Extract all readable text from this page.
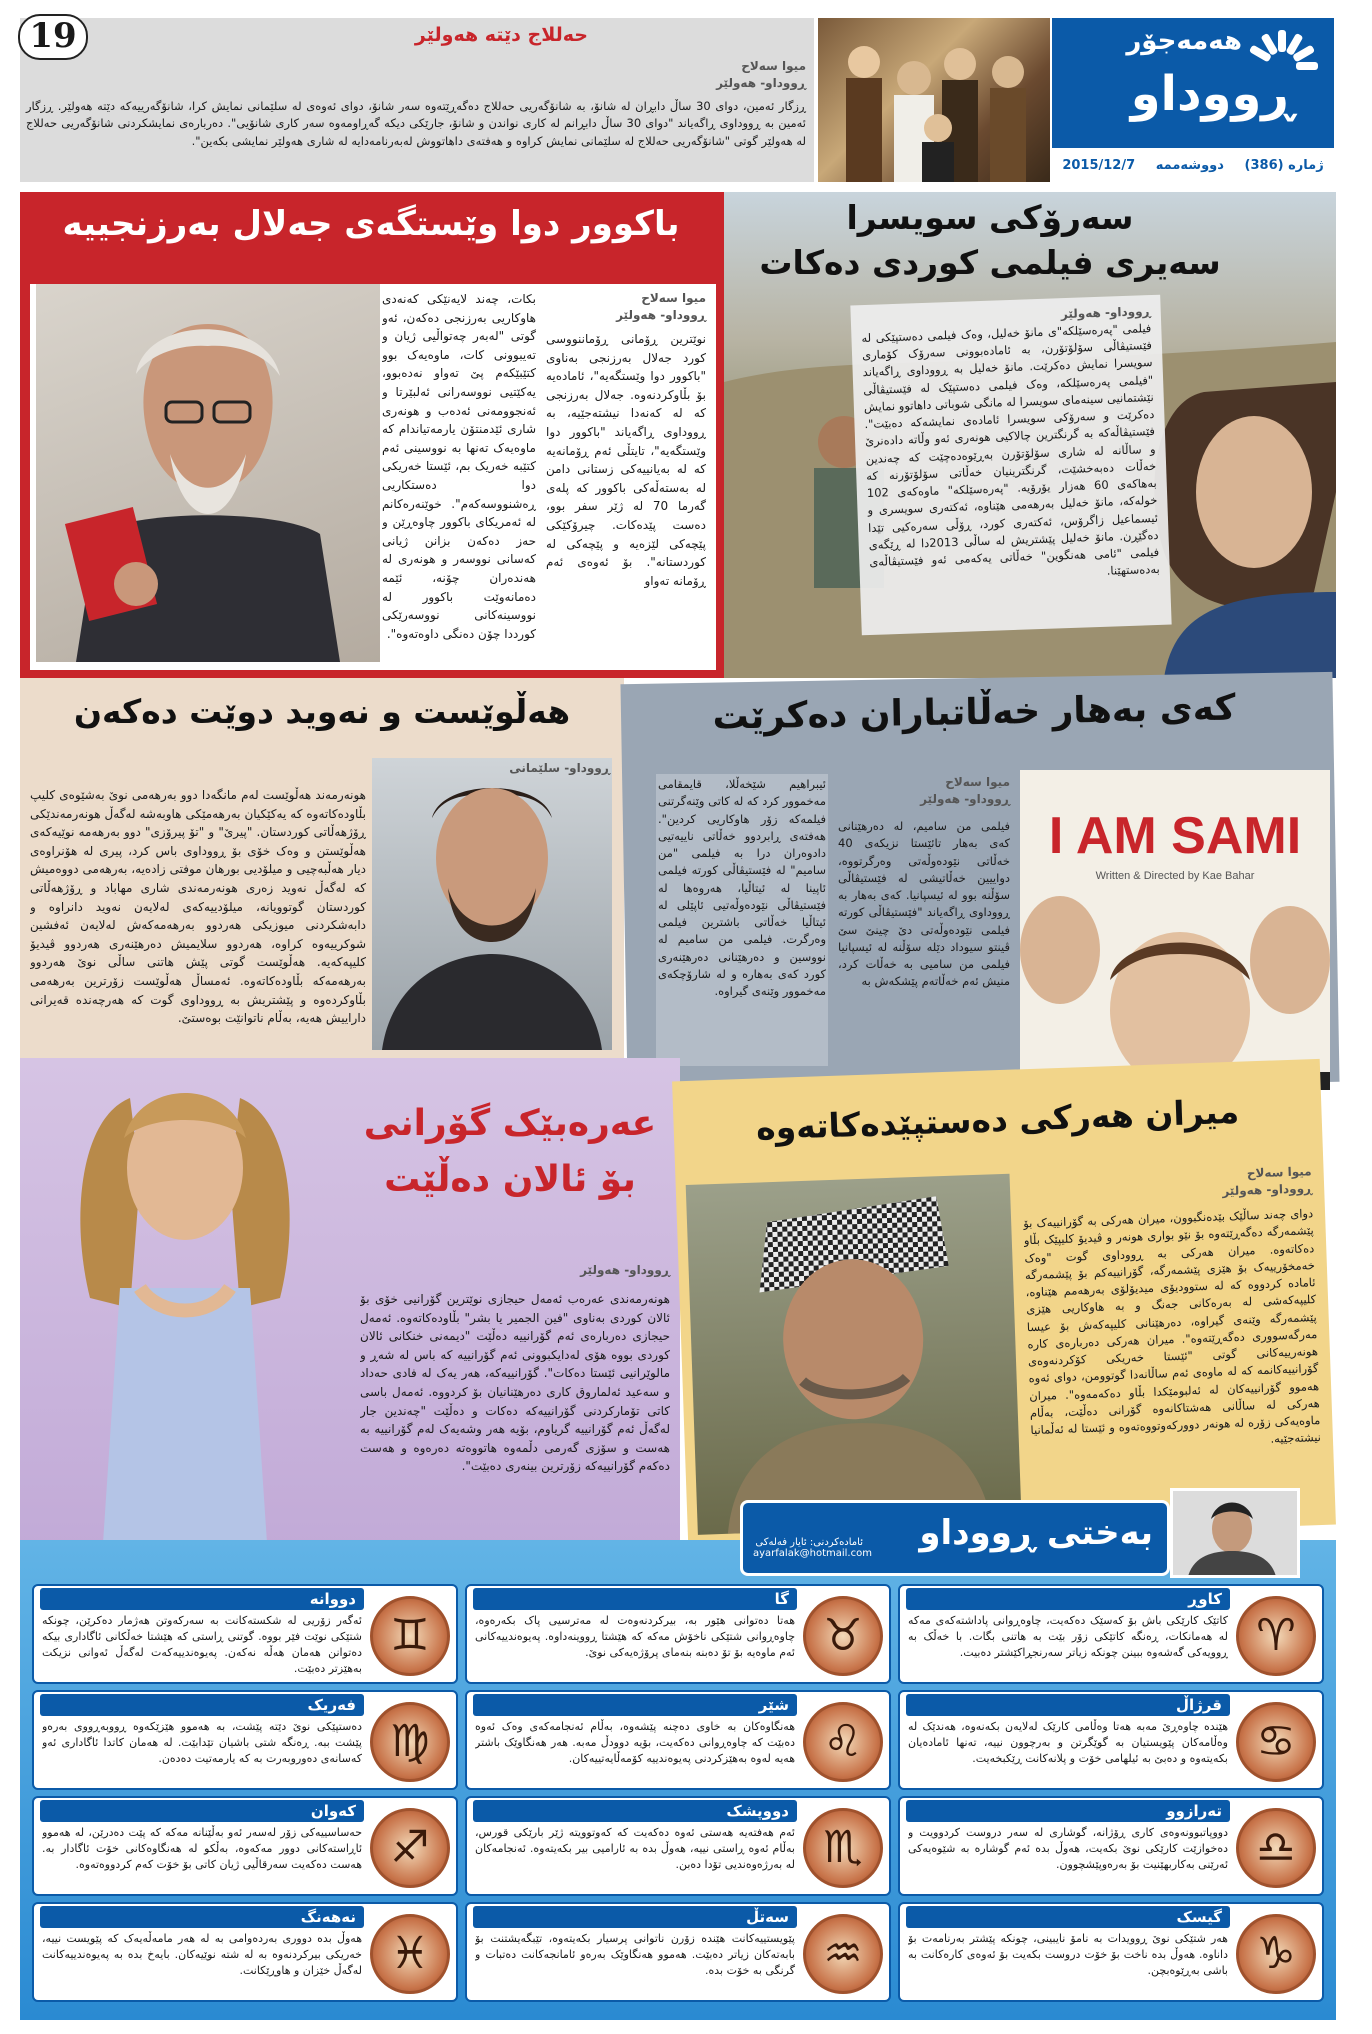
حەللاج دێتە هەولێر
میوا سەلاح
ڕووداو- هەولێر
ڕزگار ئەمین، دوای 30 ساڵ دابڕان لە شانۆ، بە شانۆگەریی حەللاج دەگەڕێتەوە سەر شانۆ، دوای ئەوەی لە سلێمانی نمایش کرا، شانۆگەرییەکە دێتە هەولێر. ڕزگار ئەمین بە ڕووداوی ڕاگەیاند "دوای 30 ساڵ دابڕانم لە کاری نواندن و شانۆ، جارێکی دیکە گەڕاومەوە سەر کاری شانۆیی". دەربارەی نمایشکردنی شانۆگەریی حەللاج لە هەولێر گوتی "شانۆگەریی حەللاج لە سلێمانی نمایش کراوە و هەفتەی داهاتووش لەبەرنامەدایە لە شاری هەولێر نمایشی بکەین".
هەمەجۆر
ڕووداو
ژمارە (386)
دووشەممە
2015/12/7
19
باکوور دوا وێستگەی جەلال بەرزنجییە
میوا سەلاح
ڕووداو- هەولێر
نوێترین ڕۆمانی ڕۆماننووسی کورد جەلال بەرزنجی بەناوی "باکوور دوا وێستگەیە"، ئامادەیە بۆ بڵاوکردنەوە. جەلال بەرزنجی کە لە کەنەدا نیشتەجێیە، بە ڕووداوی ڕاگەیاند "باکوور دوا وێستگەیە"، تایتڵی ئەم ڕۆمانەیە کە لە بەیانییەکی زستانی دامن لە بەستەڵەکی باکوور کە پلەی گەرما 70 لە ژێر سفر بوو، دەست پێدەکات. چیرۆکێکی پێچەکی لێزەیە و پێچەکی لە کوردستانە". بۆ ئەوەی ئەم ڕۆمانە تەواو
بکات، چەند لایەنێکی کەنەدی هاوکاریی بەرزنجی دەکەن، ئەو گوتی "لەبەر چەتواڵیی ژیان و تەیبوونی کات، ماوەیەک بوو کتێبێکەم پێ تەواو نەدەبوو، یەکێتیی نووسەرانی ئەلبێرتا و ئەنجوومەنی ئەدەب و هونەری شاری ئێدمنتۆن یارمەتیاندام کە ماوەیەک تەنها بە نووسینی ئەم کتێبە خەریک بم، ئێستا خەریکی دوا دەستکاریی ڕەشنووسەکەم". خوێنەرەکانم لە ئەمریکای باکوور چاوەڕێن و حەز دەکەن بزانن ژیانی کەسانی نووسەر و هونەری لە هەندەران چۆنە، ئێمە دەمانەوێت باکوور لە نووسینەکانی نووسەرێکی کورددا چۆن دەنگی داوەتەوە".
سەرۆکی سویسرا
سەیری فیلمی کوردی دەکات
ڕووداو- هەولێر
فیلمی "پەرەسێلکە"ی مانۆ خەلیل، وەک فیلمی دەستپێکی لە فێستیڤاڵی سۆلۆتۆرن، بە ئامادەبوونی سەرۆک کۆماری سویسرا نمایش دەکرێت. مانۆ خەلیل بە ڕووداوی ڕاگەیاند "فیلمی پەرەسێلکە، وەک فیلمی دەستپێک لە فێستیڤاڵی نێشتمانیی سینەمای سویسرا لە مانگی شوباتی داهاتوو نمایش دەکرێت و سەرۆکی سویسرا ئامادەی نمایشەکە دەبێت". فێستیڤاڵەکە بە گرنگترین چالاکیی هونەری ئەو وڵاتە دادەنرێ و ساڵانە لە شاری سۆلۆتۆرن بەڕێوەدەچێت کە چەندین خەڵات دەبەخشێت، گرنگترینیان خەڵاتی سۆلۆتۆرنە کە بەهاکەی 60 هەزار یۆرۆیە. "پەرەسێلکە" ماوەکەی 102 خولەکە، مانۆ خەلیل بەرهەمی هێناوە، ئەکتەری سویسری و ئیسماعیل زاگرۆس، ئەکتەری کورد، ڕۆڵی سەرەکیی تێدا دەگێڕن. مانۆ خەلیل پێشتریش لە ساڵی 2013دا لە ڕێگەی فیلمی "ئامی هەنگوین" خەڵاتی یەکەمی ئەو فێستیڤاڵەی بەدەستهێنا.
هەڵوێست و نەوید دوێت دەکەن
ڕووداو- سلێمانی
هونەرمەند هەڵوێست لەم مانگەدا دوو بەرهەمی نوێ بەشێوەی کلیپ بڵاودەکاتەوە کە یەکێکیان بەرهەمێکی هاوبەشە لەگەڵ هونەرمەندێکی ڕۆژهەڵاتی کوردستان. "پیرێ" و "تۆ پیرۆزی" دوو بەرهەمە نوێیەکەی هەڵوێستن و وەک خۆی بۆ ڕووداوی باس کرد، پیری لە هۆنراوەی دیار هەڵبەچیی و میلۆدیی بورهان موفتی زادەیە، بەرهەمی دووەمیش کە لەگەڵ نەوید زەری هونەرمەندی شاری مهاباد و ڕۆژهەڵاتی کوردستان گوتوویانە، میلۆدییەکەی لەلایەن نەوید دانراوە و دابەشکردنی میوزیکی هەردوو بەرهەمەکەش لەلایەن ئەفشین شوکرییەوە کراوە، هەردوو سلایمیش دەرهێنەری هەردوو ڤیدیۆ کلیپەکەیە. هەڵوێست گوتی پێش هاتنی ساڵی نوێ هەردوو بەرهەمەکە بڵاودەکاتەوە. ئەمساڵ هەڵوێست زۆرترین بەرهەمی بڵاوکردەوە و پێشتریش بە ڕووداوی گوت کە هەرچەندە قەیرانی داراییش هەیە، بەڵام ناتوانێت بوەستێ.
کەی بەهار خەڵاتباران دەکرێت
I AM SAMI
Written & Directed by Kae Bahar
میوا سەلاح
ڕووداو- هەولێر
فیلمی من سامیم، لە دەرهێنانی کەی بەهار تائێستا نزیکەی 40 خەڵاتی نێودەوڵەتی وەرگرتووە، دواییین خەڵاتیشی لە فێستیڤاڵی سۆڵنە بوو لە ئیسپانیا. کەی بەهار بە ڕووداوی ڕاگەیاند "فێستیڤاڵی کورتە فیلمی نێودەوڵەتی دێ چینێ سێ ڤینتو سیوداد دێلە سۆڵنە لە ئیسپانیا فیلمی من سامیی بە خەڵات کرد، منیش ئەم خەڵاتەم پێشکەش بە
ئیبراهیم شێخەڵلا، قایمقامی مەخموور کرد کە لە کاتی وێنەگرتنی فیلمەکە زۆر هاوکاریی کردین". هەفتەی ڕابردوو خەڵاتی ناییەتیی دادوەران درا بە فیلمی "من سامیم" لە فێستیڤاڵی کورتە فیلمی ئاپینا لە ئیتاڵیا، هەروەها لە فێستیڤاڵی نێودەوڵەتیی ئاپێلی لە ئیتاڵیا خەڵاتی باشترین فیلمی وەرگرت. فیلمی من سامیم لە نووسین و دەرهێنانی دەرهێنەری کورد کەی بەهارە و لە شارۆچکەی مەخموور وێنەی گیراوە.
عەرەبێک گۆرانی
بۆ ئالان دەڵێت
ڕووداو- هەولێر
هونەرمەندی عەرەب ئەمەل حیجازی نوێترین گۆرانیی خۆی بۆ ئالان کوردی بەناوی "فین الجمیر یا بشر" بڵاودەکاتەوە. ئەمەل حیجازی دەربارەی ئەم گۆرانییە دەڵێت "دیمەنی خنکانی ئالان کوردی بووە هۆی لەدایکبوونی ئەم گۆرانییە کە باس لە شەڕ و مالوێرانیی ئێستا دەکات". گۆرانییەکە، هەر یەک لە فادی حەداد و سەعید ئەلماروق کاری دەرهێنانیان بۆ کردووە. ئەمەل باسی کاتی تۆمارکردنی گۆرانییەکە دەکات و دەڵێت "چەندین جار لەگەڵ ئەم گۆرانییە گریاوم، بۆیە هەر وشەیەک لەم گۆرانییە بە هەست و سۆزی گەرمی دڵمەوە هاتووەتە دەرەوە و هەست دەکەم گۆرانییەکە زۆرترین بینەری دەبێت".
میران هەرکی دەستپێدەکاتەوە
میوا سەلاح
ڕووداو- هەولێر
دوای چەند ساڵێک بێدەنگبوون، میران هەرکی بە گۆرانییەک بۆ پێشمەرگە دەگەڕێتەوە بۆ نێو بواری هونەر و ڤیدیۆ کلیپێک بڵاو دەکاتەوە. میران هەرکی بە ڕووداوی گوت "وەک خەمخۆرییەک بۆ هێزی پێشمەرگە، گۆرانییەکم بۆ پێشمەرگە ئامادە کردووە کە لە ستوودیۆی میدیۆلۆی بەرهەمم هێناوە، کلیپەکەشی لە بەرەکانی جەنگ و بە هاوکاریی هێزی پێشمەرگە وێنەی گیراوە، دەرهێنانی کلیپەکەش بۆ عیسا مەرگەسووری دەگەڕێتەوە". میران هەرکی دەربارەی کارە هونەرییەکانی گوتی "ئێستا خەریکی کۆکردنەوەی گۆرانییەکانمە کە لە ماوەی ئەم ساڵانەدا گوتوومن، دوای ئەوە هەموو گۆرانییەکان لە ئەلبومێکدا بڵاو دەکەمەوە". میران هەرکی لە ساڵانی هەشتاکانەوە گۆرانی دەڵێت، بەڵام ماوەیەکی زۆرە لە هونەر دوورکەوتووەتەوە و ئێستا لە ئەڵمانیا نیشتەجێیە.
بەختی ڕووداو
ئامادەکردنی: ئایار فەلەکی
ayarfalak@hotmail.com
♈
کاوڕ
کاتێک کارێکی باش بۆ کەسێک دەکەیت، چاوەڕوانی پاداشتەکەی مەکە لە هەمانکات، ڕەنگە کاتێکی زۆر بێت بە هاتنی بگات. با خەڵک بە ڕوویەکی گەشەوە ببینن چونکە زیاتر سەرنجڕاکێشتر دەبیت.
♉
گا
هەتا دەتوانی هێور بە، بیرکردنەوەت لە مەترسیی پاک بکەرەوە، چاوەڕوانی شتێکی ناخۆش مەکە کە هێشتا ڕووینەداوە. پەیوەندییەکانی ئەم ماوەیە بۆ تۆ دەبنە بنەمای پرۆژەیەکی نوێ.
♊
دووانە
ئەگەر زۆریی لە شکستەکانت بە سەرکەوتن هەژمار دەکرێن، چونکە شتێکی نوێت فێر بووە. گوتنی ڕاستی کە هێشتا خەڵکانی ئاگاداری بیکە دەتوانن هەمان هەڵە نەکەن. پەیوەندییەکەت لەگەڵ ئەوانی نزیکت بەهێزتر دەبێت.
♋
قرژاڵ
هێندە چاوەڕێ مەبە هەتا وەڵامی کارێک لەلایەن بکەنەوە، هەندێک لە وەڵامەکان پێویستیان بە گوێگرتن و بەرچوون نییە، تەنها ئامادەیان بکەیتەوە و دەبێ بە ئیلهامی خۆت و پلانەکانت ڕێکبخەیت.
♌
شێر
هەنگاوەکان بە خاوی دەچنە پێشەوە، بەڵام ئەنجامەکەی وەک ئەوە دەبێت کە چاوەڕوانی دەکەیت، بۆیە دوودڵ مەبە. هەر هەنگاوێک باشتر هەیە لەوە بەهێزکردنی پەیوەندییە کۆمەڵایەتییەکان.
♍
فەریک
دەستپێکی نوێ دێتە پێشت، بە هەموو هێزێکەوە ڕووبەڕووی بەرەو پێشت ببە. ڕەنگە شتی باشیان تێدابێت. لە هەمان کاتدا ئاگاداری ئەو کەسانەی دەوروبەرت بە کە یارمەتیت دەدەن.
♎
تەرازوو
دووپاتبوونەوەی کاری ڕۆژانە، گوشاری لە سەر دروست کردوویت و دەخوازێت کارێکی نوێ بکەیت، هەوڵ بدە ئەم گوشارە بە شێوەیەکی ئەرێنی بەکاربهێنیت بۆ بەرەوپێشچوون.
♏
دووپشک
ئەم هەفتەیە هەستی ئەوە دەکەیت کە کەوتوویتە ژێر بارێکی قورس، بەڵام ئەوە ڕاستی نییە، هەوڵ بدە بە ئارامیی بیر بکەیتەوە. ئەنجامەکان لە بەرژەوەندیی تۆدا دەبن.
♐
کەوان
حەساسییەکی زۆر لەسەر ئەو بەڵێنانە مەکە کە پێت دەدرێن، لە هەموو ئاڕاستەکانی دوور مەکەوە، بەڵکو لە هەنگاوەکانی خۆت ئاگادار بە. هەست دەکەیت سەرقاڵیی ژیان کاتی بۆ خۆت کەم کردووەتەوە.
♑
گیسک
هەر شتێکی نوێ ڕوویدات بە نامۆ نایبینی، چونکە پێشتر بەرنامەت بۆ داناوە. هەوڵ بدە ناخت بۆ خۆت دروست بکەیت بۆ ئەوەی کارەکانت بە باشی بەڕێوەبچن.
♒
سەتڵ
پێویستییەکانت هێندە زۆرن ناتوانی پرسیار بکەیتەوە، تێبگەیشتنت بۆ بابەتەکان زیاتر دەبێت. هەموو هەنگاوێک بەرەو ئامانجەکانت دەتبات و گرنگی بە خۆت بدە.
♓
نەهەنگ
هەوڵ بدە دووری بەردەوامی بە لە هەر مامەڵەیەک کە پێویست نییە، خەریکی بیرکردنەوە بە لە شتە نوێیەکان. بایەخ بدە بە پەیوەندییەکانت لەگەڵ خێزان و هاوڕێکانت.
